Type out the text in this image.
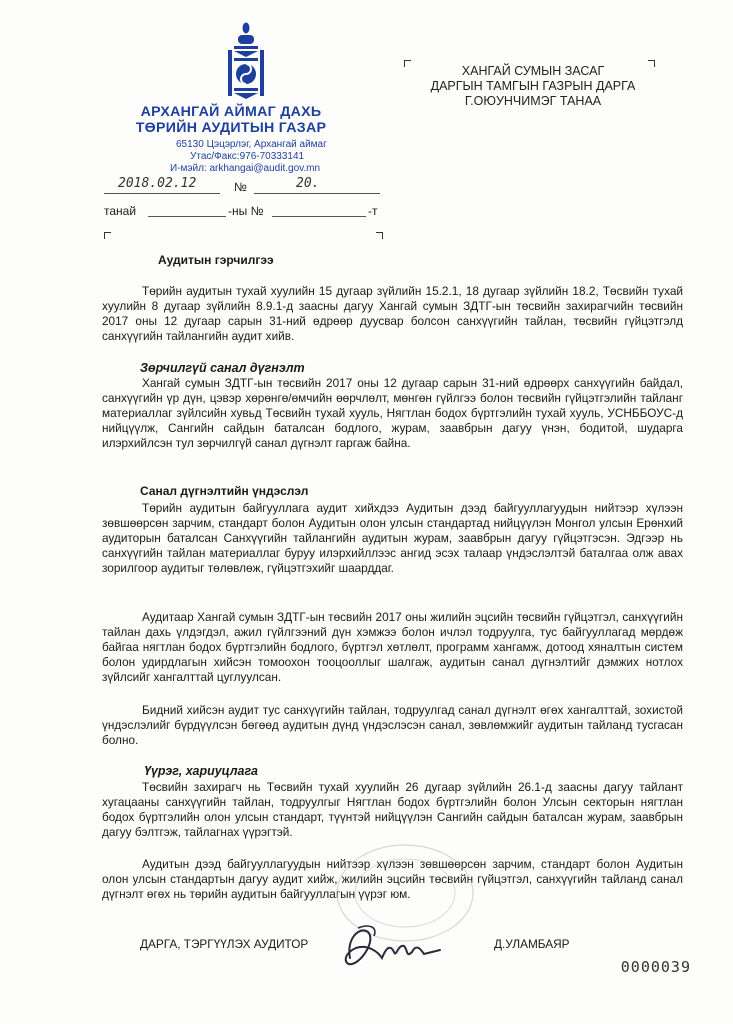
АРХАНГАЙ АЙМАГ ДАХЬ
ТӨРИЙН АУДИТЫН ГАЗАР
65130 Цэцэрлэг, Архангай аймаг
Утас/Факс:976-70333141
И-мэйл: arkhangai@audit.gov.mn
2018.02.12	№	20.
танай	-ны №	-т
ХАНГАЙ СУМЫН ЗАСАГ
ДАРГЫН ТАМГЫН ГАЗРЫН ДАРГА
Г.ОЮУНЧИМЭГ ТАНАА
Аудитын гэрчилгээ
Төрийн аудитын тухай хуулийн 15 дугаар зүйлийн 15.2.1, 18 дугаар зүйлийн 18.2, Төсвийн тухай хуулийн 8 дугаар зүйлийн 8.9.1-д заасны дагуу Хангай сумын ЗДТГ-ын төсвийн захирагчийн төсвийн 2017 оны 12 дугаар сарын 31-ний өдрөөр дуусвар болсон санхүүгийн тайлан, төсвийн гүйцэтгэлд санхүүгийн тайлангийн аудит хийв.
Зөрчилгүй санал дүгнэлт
Хангай сумын ЗДТГ-ын төсвийн 2017 оны 12 дугаар сарын 31-ний өдрөөрх санхүүгийн байдал, санхүүгийн үр дүн, цэвэр хөрөнгө/өмчийн өөрчлөлт, мөнгөн гүйлгээ болон төсвийн гүйцэтгэлийн тайланг материаллаг зүйлсийн хувьд Төсвийн тухай хууль, Нягтлан бодох бүртгэлийн тухай хууль, УСНББОУС-д нийцүүлж, Сангийн сайдын баталсан бодлого, журам, заавбрын дагуу үнэн, бодитой, шударга илэрхийлсэн тул зөрчилгүй санал дүгнэлт гаргаж байна.
Санал дүгнэлтийн үндэслэл
Төрийн аудитын байгууллага аудит хийхдээ Аудитын дээд байгууллагуудын нийтээр хүлээн зөвшөөрсөн зарчим, стандарт болон Аудитын олон улсын стандартад нийцүүлэн Монгол улсын Ерөнхий аудиторын баталсан Санхүүгийн тайлангийн аудитын журам, заавбрын дагуу гүйцэтгэсэн. Эдгээр нь санхүүгийн тайлан материаллаг буруу илэрхийллээс ангид эсэх талаар үндэслэлтэй баталгаа олж авах зорилгоор аудитыг төлөвлөж, гүйцэтгэхийг шаарддаг.
Аудитаар Хангай сумын ЗДТГ-ын төсвийн 2017 оны жилийн эцсийн төсвийн гүйцэтгэл, санхүүгийн тайлан дахь үлдэгдэл, ажил гүйлгээний дүн хэмжээ болон ичлэл тодруулга, тус байгууллагад мөрдөж байгаа нягтлан бодох бүртгэлийн бодлого, бүртгэл хөтлөлт, программ хангамж, дотоод хяналтын систем болон удирдлагын хийсэн томоохон тооцооллыг шалгаж, аудитын санал дүгнэлтийг дэмжих нотлох зүйлсийг хангалттай цуглуулсан.
Бидний хийсэн аудит тус санхүүгийн тайлан, тодруулгад санал дүгнэлт өгөх хангалттай, зохистой үндэслэлийг бүрдүүлсэн бөгөөд аудитын дүнд үндэслэсэн санал, зөвлөмжийг аудитын тайланд тусгасан болно.
Үүрэг, хариуцлага
Төсвийн захирагч нь Төсвийн тухай хуулийн 26 дугаар зүйлийн 26.1-д заасны дагуу тайлант хугацааны санхүүгийн тайлан, тодруулгыг Нягтлан бодох бүртгэлийн болон Улсын секторын нягтлан бодох бүртгэлийн олон улсын стандарт, түүнтэй нийцүүлэн Сангийн сайдын баталсан журам, заавбрын дагуу бэлтгэж, тайлагнах үүрэгтэй.
Аудитын дээд байгууллагуудын нийтээр хүлээн зөвшөөрсөн зарчим, стандарт болон Аудитын олон улсын стандартын дагуу аудит хийж, жилийн эцсийн төсвийн гүйцэтгэл, санхүүгийн тайланд санал дүгнэлт өгөх нь төрийн аудитын байгууллагын үүрэг юм.
ДАРГА, ТЭРГҮҮЛЭХ АУДИТОР	Д.УЛАМБАЯР
0000039
